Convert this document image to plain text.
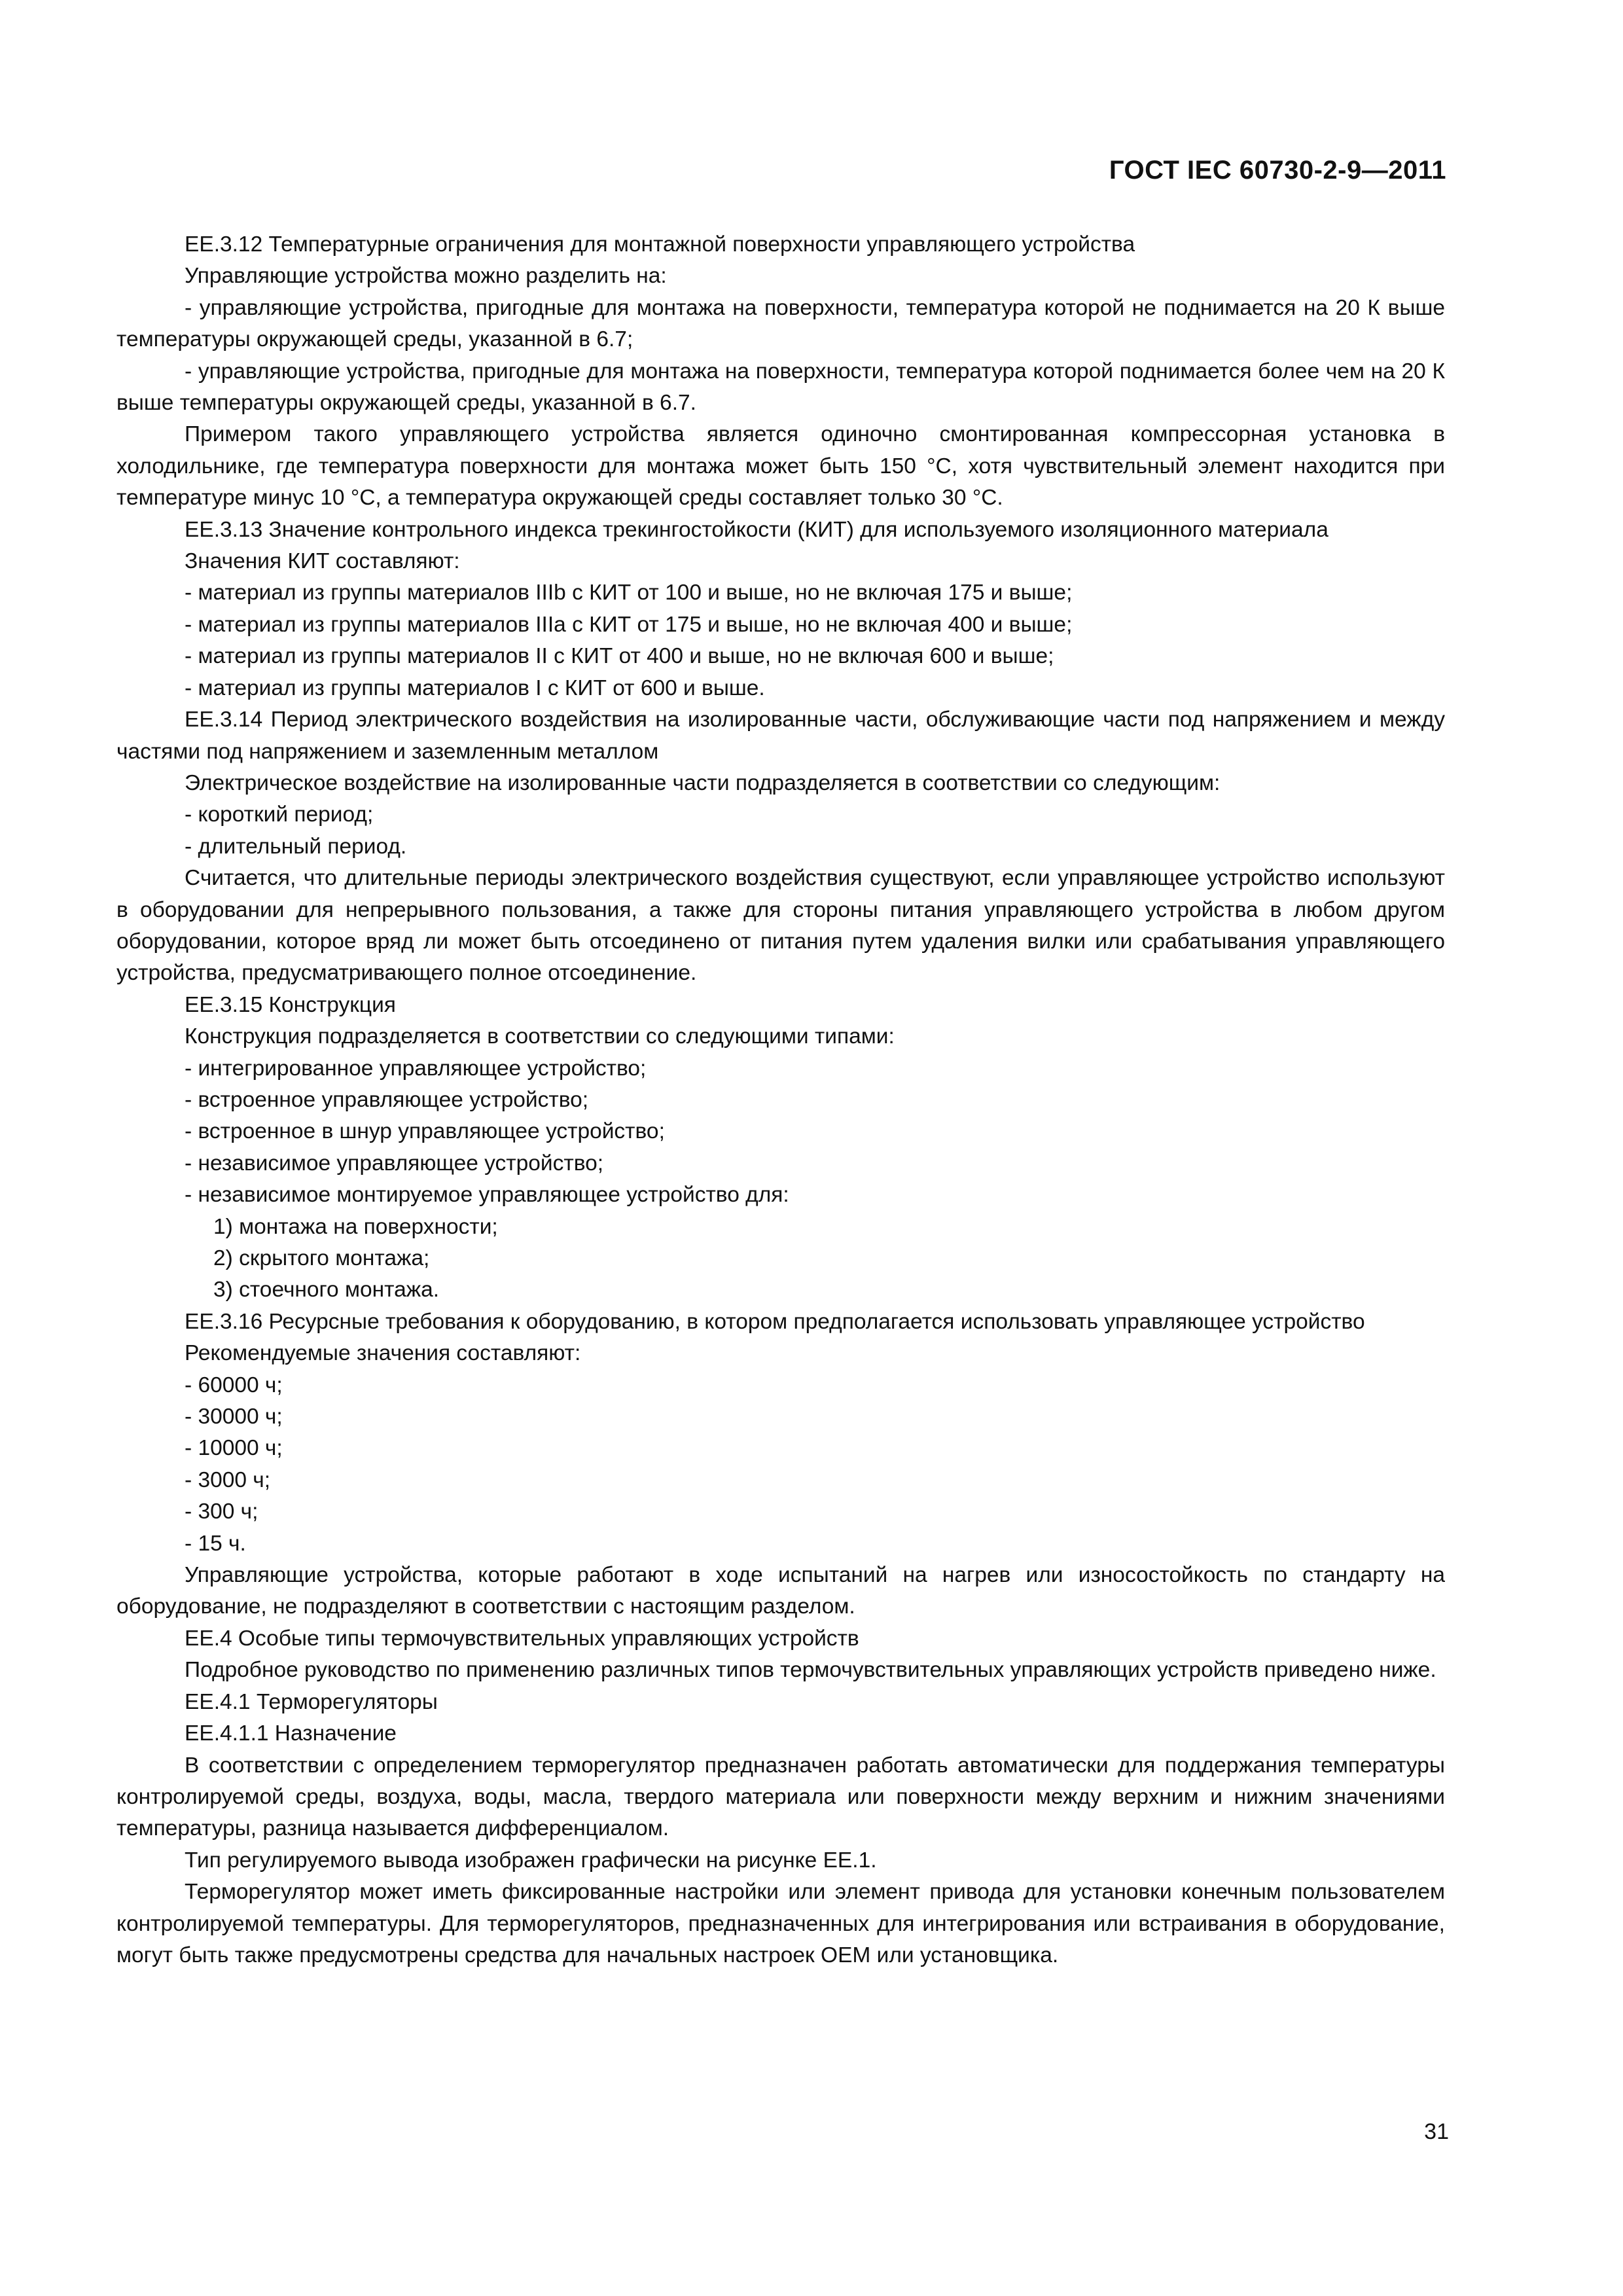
ГОСТ IEC 60730-2-9—2011

ЕЕ.3.12 Температурные ограничения для монтажной поверхности управляющего устройства

Управляющие устройства можно разделить на:

- управляющие устройства, пригодные для монтажа на поверхности, температура которой не поднимается на 20 К выше температуры окружающей среды, указанной в 6.7;

- управляющие устройства, пригодные для монтажа на поверхности, температура которой поднимается более чем на 20 К выше температуры окружающей среды, указанной в 6.7.

Примером такого управляющего устройства является одиночно смонтированная компрессорная установка в холодильнике, где температура поверхности для монтажа может быть 150 °С, хотя чувствительный элемент находится при температуре минус 10 °С, а температура окружающей среды составляет только 30 °С.

ЕЕ.3.13 Значение контрольного индекса трекингостойкости (КИТ) для используемого изоляционного материала

Значения КИТ составляют:

- материал из группы материалов IIIb с КИТ от 100 и выше, но не включая 175 и выше;

- материал из группы материалов IIIa с КИТ от 175 и выше, но не включая 400 и выше;

- материал из группы материалов II с КИТ от 400 и выше, но не включая 600 и выше;

- материал из группы материалов I с КИТ от 600 и выше.

ЕЕ.3.14 Период электрического воздействия на изолированные части, обслуживающие части под напряжением и между частями под напряжением и заземленным металлом

Электрическое воздействие на изолированные части подразделяется в соответствии со следующим:

- короткий период;

- длительный период.

Считается, что длительные периоды электрического воздействия существуют, если управляющее устройство используют в оборудовании для непрерывного пользования, а также для стороны питания управляющего устройства в любом другом оборудовании, которое вряд ли может быть отсоединено от питания путем удаления вилки или срабатывания управляющего устройства, предусматривающего полное отсоединение.

ЕЕ.3.15 Конструкция

Конструкция подразделяется в соответствии со следующими типами:

- интегрированное управляющее устройство;

- встроенное управляющее устройство;

- встроенное в шнур управляющее устройство;

- независимое управляющее устройство;

- независимое монтируемое управляющее устройство для:

1) монтажа на поверхности;

2) скрытого монтажа;

3) стоечного монтажа.

ЕЕ.3.16 Ресурсные требования к оборудованию, в котором предполагается использовать управляющее устройство

Рекомендуемые значения составляют:

- 60000 ч;

- 30000 ч;

- 10000 ч;

- 3000 ч;

- 300 ч;

- 15 ч.

Управляющие устройства, которые работают в ходе испытаний на нагрев или износостойкость по стандарту на оборудование, не подразделяют в соответствии с настоящим разделом.

ЕЕ.4 Особые типы термочувствительных управляющих устройств

Подробное руководство по применению различных типов термочувствительных управляющих устройств приведено ниже.

ЕЕ.4.1 Терморегуляторы

ЕЕ.4.1.1 Назначение

В соответствии с определением терморегулятор предназначен работать автоматически для поддержания температуры контролируемой среды, воздуха, воды, масла, твердого материала или поверхности между верхним и нижним значениями температуры, разница называется дифференциалом.

Тип регулируемого вывода изображен графически на рисунке ЕЕ.1.

Терморегулятор может иметь фиксированные настройки или элемент привода для установки конечным пользователем контролируемой температуры. Для терморегуляторов, предназначенных для интегрирования или встраивания в оборудование, могут быть также предусмотрены средства для начальных настроек ОЕМ или установщика.

31
